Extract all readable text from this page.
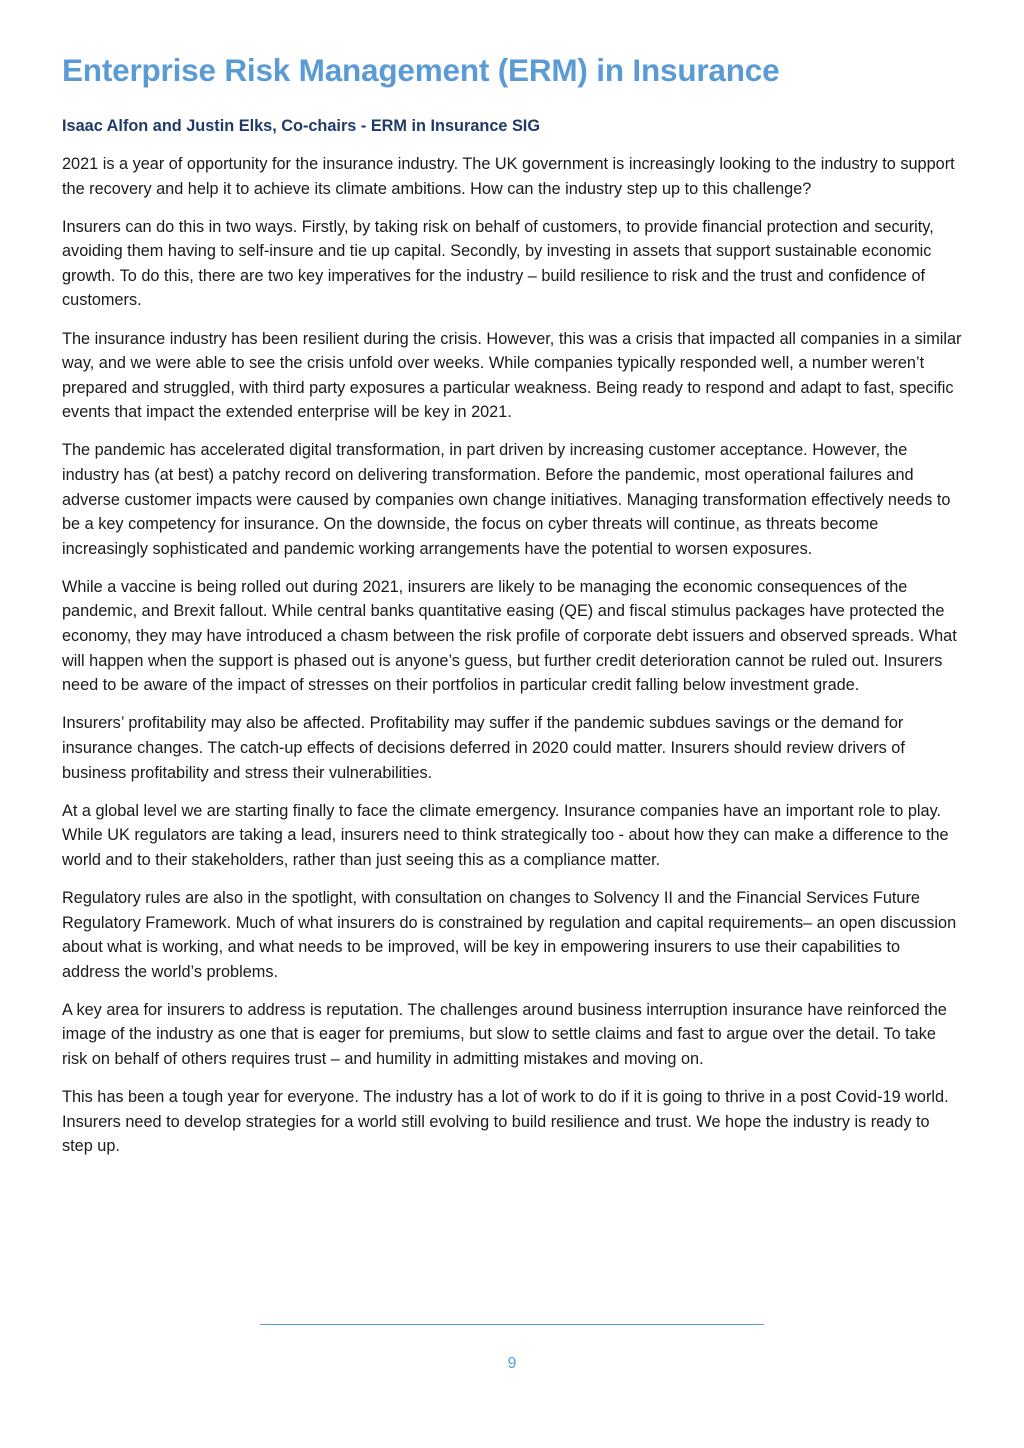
Enterprise Risk Management (ERM) in Insurance
Isaac Alfon and Justin Elks, Co-chairs - ERM in Insurance SIG

2021 is a year of opportunity for the insurance industry. The UK government is increasingly looking to the industry to support the recovery and help it to achieve its climate ambitions. How can the industry step up to this challenge?

Insurers can do this in two ways. Firstly, by taking risk on behalf of customers, to provide financial protection and security, avoiding them having to self-insure and tie up capital. Secondly, by investing in assets that support sustainable economic growth. To do this, there are two key imperatives for the industry – build resilience to risk and the trust and confidence of customers.

The insurance industry has been resilient during the crisis. However, this was a crisis that impacted all companies in a similar way, and we were able to see the crisis unfold over weeks. While companies typically responded well, a number weren’t prepared and struggled, with third party exposures a particular weakness. Being ready to respond and adapt to fast, specific events that impact the extended enterprise will be key in 2021.

The pandemic has accelerated digital transformation, in part driven by increasing customer acceptance. However, the industry has (at best) a patchy record on delivering transformation. Before the pandemic, most operational failures and adverse customer impacts were caused by companies own change initiatives. Managing transformation effectively needs to be a key competency for insurance. On the downside, the focus on cyber threats will continue, as threats become increasingly sophisticated and pandemic working arrangements have the potential to worsen exposures.

While a vaccine is being rolled out during 2021, insurers are likely to be managing the economic consequences of the pandemic, and Brexit fallout. While central banks quantitative easing (QE) and fiscal stimulus packages have protected the economy, they may have introduced a chasm between the risk profile of corporate debt issuers and observed spreads. What will happen when the support is phased out is anyone’s guess, but further credit deterioration cannot be ruled out. Insurers need to be aware of the impact of stresses on their portfolios in particular credit falling below investment grade.

Insurers’ profitability may also be affected. Profitability may suffer if the pandemic subdues savings or the demand for insurance changes. The catch-up effects of decisions deferred in 2020 could matter. Insurers should review drivers of business profitability and stress their vulnerabilities.

At a global level we are starting finally to face the climate emergency. Insurance companies have an important role to play. While UK regulators are taking a lead, insurers need to think strategically too - about how they can make a difference to the world and to their stakeholders, rather than just seeing this as a compliance matter.

Regulatory rules are also in the spotlight, with consultation on changes to Solvency II and the Financial Services Future Regulatory Framework. Much of what insurers do is constrained by regulation and capital requirements– an open discussion about what is working, and what needs to be improved, will be key in empowering insurers to use their capabilities to address the world’s problems.

A key area for insurers to address is reputation. The challenges around business interruption insurance have reinforced the image of the industry as one that is eager for premiums, but slow to settle claims and fast to argue over the detail. To take risk on behalf of others requires trust – and humility in admitting mistakes and moving on.

This has been a tough year for everyone. The industry has a lot of work to do if it is going to thrive in a post Covid-19 world. Insurers need to develop strategies for a world still evolving to build resilience and trust. We hope the industry is ready to step up.

9
